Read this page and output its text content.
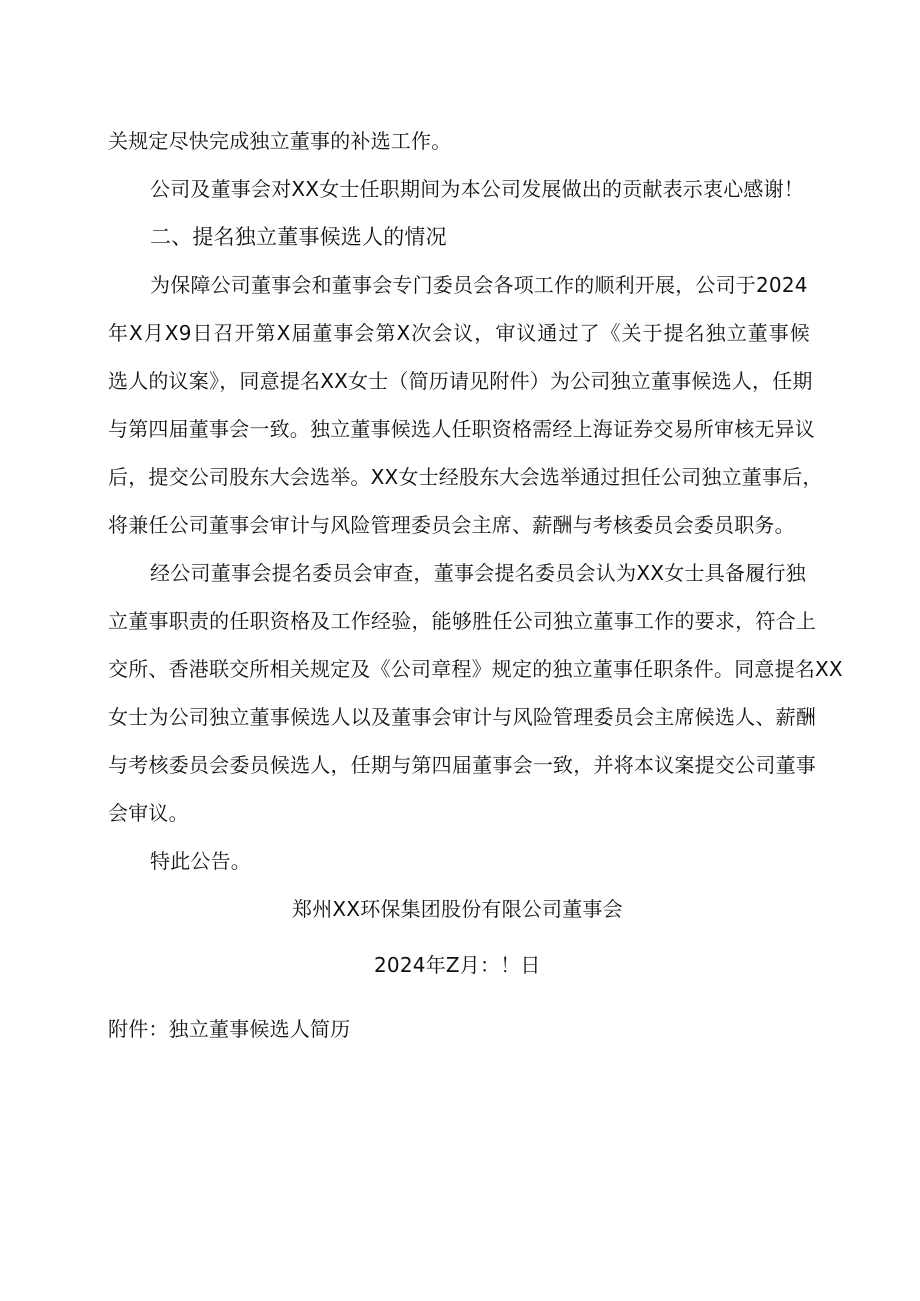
关规定尽快完成独立董事的补选工作。
公司及董事会对XX女士任职期间为本公司发展做出的贡献表示衷心感谢！
二、提名独立董事候选人的情况
为保障公司董事会和董事会专门委员会各项工作的顺利开展，公司于2024
年X月X9日召开第X届董事会第X次会议，审议通过了《关于提名独立董事候
选人的议案》，同意提名XX女士（简历请见附件）为公司独立董事候选人，任期
与第四届董事会一致。独立董事候选人任职资格需经上海证券交易所审核无异议
后，提交公司股东大会选举。XX女士经股东大会选举通过担任公司独立董事后，
将兼任公司董事会审计与风险管理委员会主席、薪酬与考核委员会委员职务。
经公司董事会提名委员会审查，董事会提名委员会认为XX女士具备履行独
立董事职责的任职资格及工作经验，能够胜任公司独立董事工作的要求，符合上
交所、香港联交所相关规定及《公司章程》规定的独立董事任职条件。同意提名XX
女士为公司独立董事候选人以及董事会审计与风险管理委员会主席候选人、薪酬
与考核委员会委员候选人，任期与第四届董事会一致，并将本议案提交公司董事
会审议。
特此公告。
郑州XX环保集团股份有限公司董事会
2024年Z月：！日
附件：独立董事候选人简历
